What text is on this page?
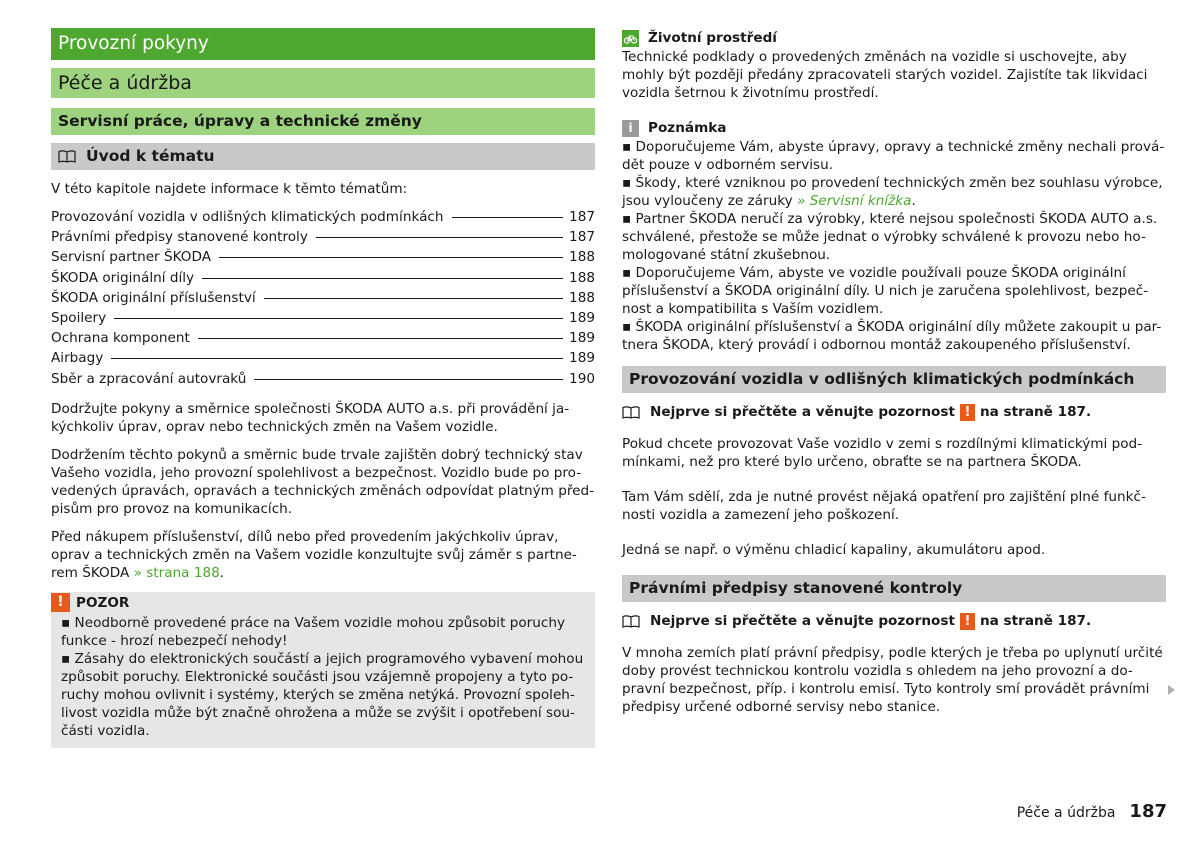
Provozní pokyny
Péče a údržba
Servisní práce, úpravy a technické změny
Úvod k tématu

V této kapitole najdete informace k těmto tématům:

Provozování vozidla v odlišných klimatických podmínkách	187
Právními předpisy stanovené kontroly	187
Servisní partner ŠKODA	188
ŠKODA originální díly	188
ŠKODA originální příslušenství	188
Spoilery	189
Ochrana komponent	189
Airbagy	189
Sběr a zpracování autovraků	190

Dodržujte pokyny a směrnice společnosti ŠKODA AUTO a.s. při provádění ja-kýchkoliv úprav, oprav nebo technických změn na Vašem vozidle.

Dodržením těchto pokynů a směrnic bude trvale zajištěn dobrý technický stav Vašeho vozidla, jeho provozní spolehlivost a bezpečnost. Vozidlo bude po pro-vedených úpravách, opravách a technických změnách odpovídat platným před-pisům pro provoz na komunikacích.

Před nákupem příslušenství, dílů nebo před provedením jakýchkoliv úprav, oprav a technických změn na Vašem vozidle konzultujte svůj záměr s partne-rem ŠKODA » strana 188.

! POZOR

▪ Neodborně provedené práce na Vašem vozidle mohou způsobit poruchy funkce - hrozí nebezpečí nehody!

▪ Zásahy do elektronických součástí a jejich programového vybavení mohou způsobit poruchy. Elektronické součásti jsou vzájemně propojeny a tyto po-ruchy mohou ovlivnit i systémy, kterých se změna netýká. Provozní spoleh-livost vozidla může být značně ohrožena a může se zvýšit i opotřebení sou-části vozidla.

Životní prostředí

Technické podklady o provedených změnách na vozidle si uschovejte, aby mohly být později předány zpracovateli starých vozidel. Zajistíte tak likvidaci vozidla šetrnou k životnímu prostředí.

i	Poznámka

▪ Doporučujeme Vám, abyste úpravy, opravy a technické změny nechali prová-dět pouze v odborném servisu.

▪ Škody, které vzniknou po provedení technických změn bez souhlasu výrobce, jsou vyloučeny ze záruky » Servisní knížka.

▪ Partner ŠKODA neručí za výrobky, které nejsou společnosti ŠKODA AUTO a.s. schválené, přestože se může jednat o výrobky schválené k provozu nebo ho-mologované státní zkušebnou.

▪ Doporučujeme Vám, abyste ve vozidle používali pouze ŠKODA originální příslušenství a ŠKODA originální díly. U nich je zaručena spolehlivost, bezpeč-nost a kompatibilita s Vaším vozidlem.

▪ ŠKODA originální příslušenství a ŠKODA originální díly můžete zakoupit u par-tnera ŠKODA, který provádí i odbornou montáž zakoupeného příslušenství.

Provozování vozidla v odlišných klimatických podmínkách
Nejprve si přečtěte a věnujte pozornost ! na straně 187.

Pokud chcete provozovat Vaše vozidlo v zemi s rozdílnými klimatickými pod-mínkami, než pro které bylo určeno, obraťte se na partnera ŠKODA.

Tam Vám sdělí, zda je nutné provést nějaká opatření pro zajištění plné funkč-nosti vozidla a zamezení jeho poškození.

Jedná se např. o výměnu chladicí kapaliny, akumulátoru apod.

Právními předpisy stanovené kontroly
Nejprve si přečtěte a věnujte pozornost ! na straně 187.

V mnoha zemích platí právní předpisy, podle kterých je třeba po uplynutí určité doby provést technickou kontrolu vozidla s ohledem na jeho provozní a do-pravní bezpečnost, příp. i kontrolu emisí. Tyto kontroly smí provádět právními předpisy určené odborné servisy nebo stanice.

Péče a údržba 187
